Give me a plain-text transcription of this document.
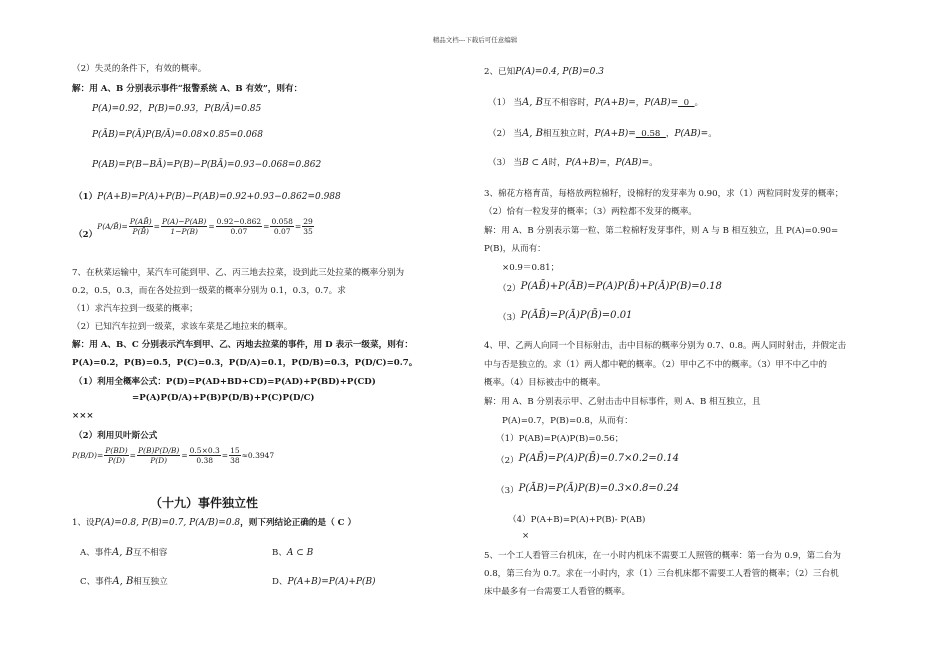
精品文档---下载后可任意编辑
（2）失灵的条件下，有效的概率。
解：用 A、B 分别表示事件“报警系统 A、B 有效”，则有：
P(A)=0.92，P(B)=0.93，P(B/Ā)=0.85
P(ĀB)=P(Ā)P(B/Ā)=0.08×0.85=0.068
P(AB)=P(B−BĀ)=P(B)−P(BĀ)=0.93−0.068=0.862
（1）P(A+B)=P(A)+P(B)−P(AB)=0.92+0.93−0.862=0.988
（2）P(A/B̄)= $\frac{P(AB̄)}{P(B̄)} = \frac{P(A)-P(AB)}{1-P(B)} = \frac{0.92-0.862}{0.07} = \frac{0.058}{0.07} = \frac{29}{35}$
7、在秋菜运输中，某汽车可能到甲、乙、丙三地去拉菜，设到此三处拉菜的概率分别为
0.2，0.5，0.3，而在各处拉到一级菜的概率分别为 0.1，0.3，0.7。求
（1）求汽车拉到一级菜的概率；
（2）已知汽车拉到一级菜，求该车菜是乙地拉来的概率。
解：用 A、B、C 分别表示汽车到甲、乙、丙地去拉菜的事件，用 D 表示一级菜，则有：
P(A)=0.2，P(B)=0.5，P(C)=0.3，P(D/A)=0.1，P(D/B)=0.3，P(D/C)=0.7。
（1）利用全概率公式：P(D)=P(AD+BD+CD)=P(AD)+P(BD)+P(CD)
=P(A)P(D/A)+P(B)P(D/B)+P(C)P(D/C)
×××
（2）利用贝叶斯公式
$P(B/D)= \frac{P(BD)}{P(D)} = \frac{P(B)P(D/B)}{P(D)} = \frac{0.5\times 0.3}{0.38} = \frac{15}{38} \approx 0.3947$
（十九）事件独立性
1、设P(A)=0.8, P(B)=0.7, P(A/B)=0.8，则下列结论正确的是（ C ）
A、事件A, B互不相容	B、A ⊂ B
C、事件A, B相互独立	D、P(A+B)=P(A)+P(B)
2、已知P(A)=0.4, P(B)=0.3
（1） 当A, B互不相容时，P(A+B)=，P(AB)=  0  。
（2） 当A, B相互独立时，P(A+B)=  0.58  ，P(AB)=。
（3） 当B ⊂ A时，P(A+B)=，P(AB)=。
3、棉花方格育苗，每格放两粒棉籽，设棉籽的发芽率为 0.90，求（1）两粒同时发芽的概率；
（2）恰有一粒发芽的概率；（3）两粒都不发芽的概率。
解：用 A、B 分别表示第一粒、第二粒棉籽发芽事件，则 A 与 B 相互独立，且 P(A)=0.90=
P(B)，从而有：
×0.9＝0.81；
（2）P(AB̄)+P(ĀB)=P(A)P(B̄)+P(Ā)P(B)=0.18
（3）P(ĀB̄)=P(Ā)P(B̄)=0.01
4、甲、乙两人向同一个目标射击，击中目标的概率分别为 0.7、0.8。两人同时射击，并假定击
中与否是独立的。求（1）两人都中靶的概率。（2）甲中乙不中的概率。（3）甲不中乙中的
概率。（4）目标被击中的概率。
解：用 A、B 分别表示甲、乙射击击中目标事件，则 A、B 相互独立，且
P(A)=0.7，P(B)=0.8，从而有：
（1）P(AB)=P(A)P(B)=0.56；
（2）P(AB̄)=P(A)P(B̄)=0.7×0.2=0.14
（3）P(ĀB)=P(Ā)P(B)=0.3×0.8=0.24
（4）P(A+B)=P(A)+P(B)- P(AB)
×
5、一个工人看管三台机床，在一小时内机床不需要工人照管的概率：第一台为 0.9，第二台为
0.8，第三台为 0.7。求在一小时内，求（1）三台机床都不需要工人看管的概率；（2）三台机
床中最多有一台需要工人看管的概率。
